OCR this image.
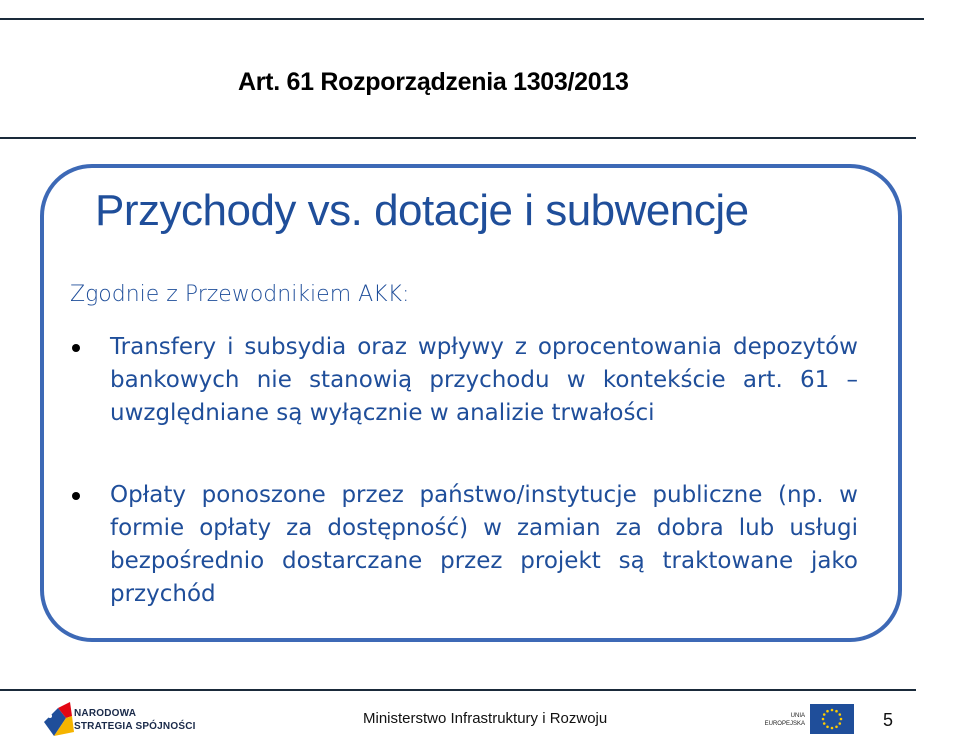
Art. 61 Rozporządzenia 1303/2013
Przychody vs. dotacje i subwencje
Zgodnie z Przewodnikiem AKK:
Transfery i subsydia oraz wpływy z oprocentowania depozytów bankowych nie stanowią przychodu w kontekście art. 61 – uwzględniane są wyłącznie w analizie trwałości
Opłaty ponoszone przez państwo/instytucje publiczne (np. w formie opłaty za dostępność) w zamian za dobra lub usługi bezpośrednio dostarczane przez projekt są traktowane jako przychód
NARODOWA
STRATEGIA SPÓJNOŚCI	Ministerstwo Infrastruktury i Rozwoju	UNIA
EUROPEJSKA	5
